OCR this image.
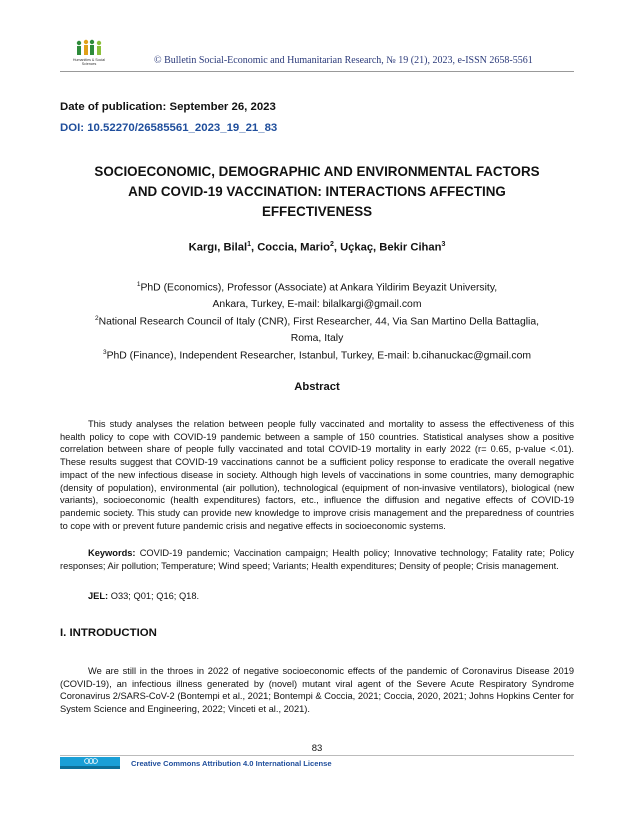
Humanities & Social
Sciences	© Bulletin Social-Economic and Humanitarian Research, № 19 (21), 2023, e-ISSN 2658-5561
Date of publication: September 26, 2023
DOI: 10.52270/26585561_2023_19_21_83
SOCIOECONOMIC, DEMOGRAPHIC AND ENVIRONMENTAL FACTORS
AND COVID-19 VACCINATION: INTERACTIONS AFFECTING
EFFECTIVENESS
Kargı, Bilal$^1$, Coccia, Mario$^2$, Uçkaç, Bekir Cihan$^3$
$^1$PhD (Economics), Professor (Associate) at Ankara Yildirim Beyazit University,
Ankara, Turkey, E-mail: bilalkargi@gmail.com
$^2$National Research Council of Italy (CNR), First Researcher, 44, Via San Martino Della Battaglia,
Roma, Italy
$^3$PhD (Finance), Independent Researcher, Istanbul, Turkey, E-mail: b.cihanuckac@gmail.com
Abstract
This study analyses the relation between people fully vaccinated and mortality to assess the effectiveness of this health policy to cope with COVID-19 pandemic between a sample of 150 countries. Statistical analyses show a positive correlation between share of people fully vaccinated and total COVID-19 mortality in early 2022 (r= 0.65, p-value <.01). These results suggest that COVID-19 vaccinations cannot be a sufficient policy response to eradicate the overall negative impact of the new infectious disease in society. Although high levels of vaccinations in some countries, many demographic (density of population), environmental (air pollution), technological (equipment of non-invasive ventilators), biological (new variants), socioeconomic (health expenditures) factors, etc., influence the diffusion and negative effects of COVID-19 pandemic society. This study can provide new knowledge to improve crisis management and the preparedness of countries to cope with or prevent future pandemic crisis and negative effects in socioeconomic systems.
Keywords: COVID-19 pandemic; Vaccination campaign; Health policy; Innovative technology; Fatality rate; Policy responses; Air pollution; Temperature; Wind speed; Variants; Health expenditures; Density of people; Crisis management.
JEL: O33; Q01; Q16; Q18.
I. INTRODUCTION
We are still in the throes in 2022 of negative socioeconomic effects of the pandemic of Coronavirus Disease 2019 (COVID-19), an infectious illness generated by (novel) mutant viral agent of the Severe Acute Respiratory Syndrome Coronavirus 2/SARS-CoV-2 (Bontempi et al., 2021; Bontempi & Coccia, 2021; Coccia, 2020, 2021; Johns Hopkins Center for System Science and Engineering, 2022; Vinceti et al., 2021).
83
Creative Commons Attribution 4.0 International License
